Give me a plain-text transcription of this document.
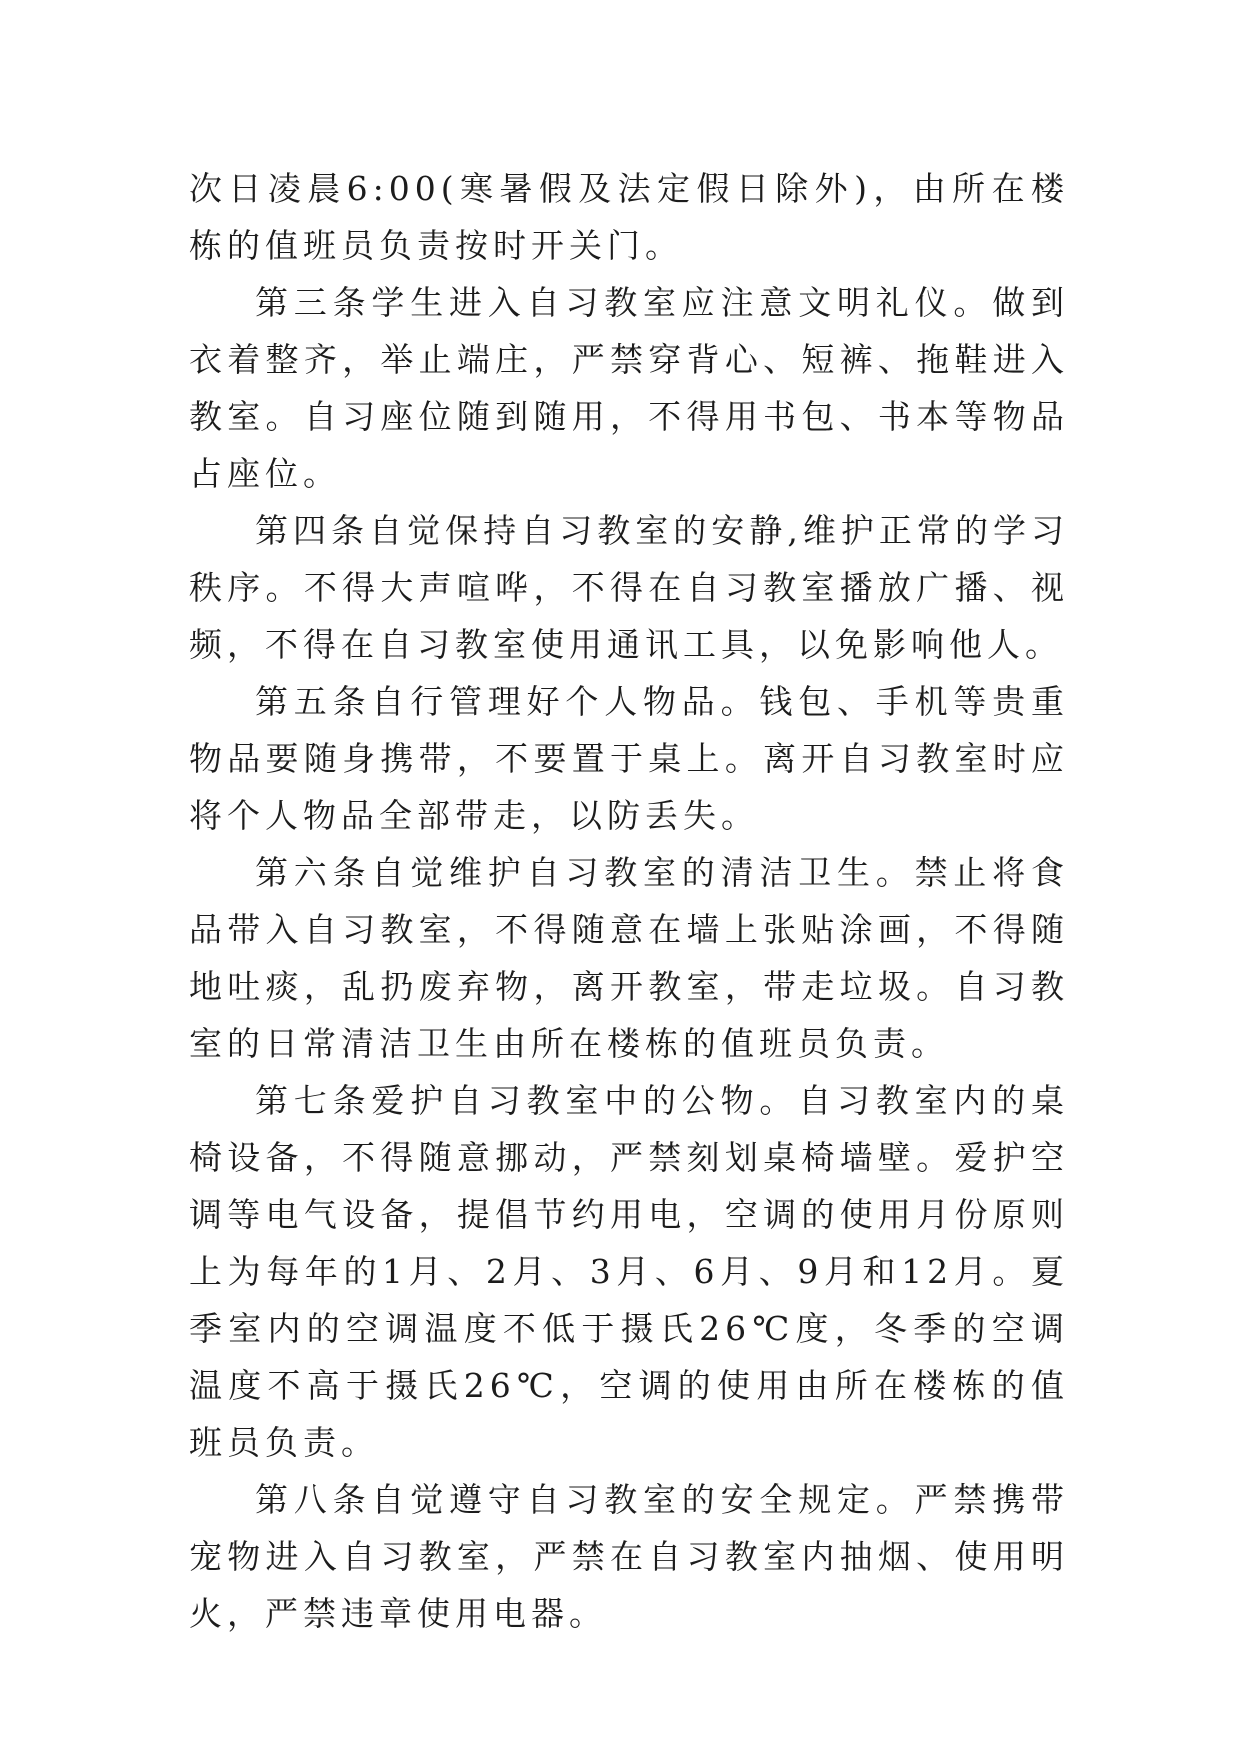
次日凌晨6:00(寒暑假及法定假日除外)，由所在楼栋的值班员负责按时开关门。

第三条学生进入自习教室应注意文明礼仪。做到衣着整齐，举止端庄，严禁穿背心、短裤、拖鞋进入教室。自习座位随到随用，不得用书包、书本等物品占座位。

第四条自觉保持自习教室的安静,维护正常的学习秩序。不得大声喧哗，不得在自习教室播放广播、视频，不得在自习教室使用通讯工具，以免影响他人。

第五条自行管理好个人物品。钱包、手机等贵重物品要随身携带，不要置于桌上。离开自习教室时应将个人物品全部带走，以防丢失。

第六条自觉维护自习教室的清洁卫生。禁止将食品带入自习教室，不得随意在墙上张贴涂画，不得随地吐痰，乱扔废弃物，离开教室，带走垃圾。自习教室的日常清洁卫生由所在楼栋的值班员负责。

第七条爱护自习教室中的公物。自习教室内的桌椅设备，不得随意挪动，严禁刻划桌椅墙壁。爱护空调等电气设备，提倡节约用电，空调的使用月份原则上为每年的1月、2月、3月、6月、9月和12月。夏季室内的空调温度不低于摄氏26℃度，冬季的空调温度不高于摄氏26℃，空调的使用由所在楼栋的值班员负责。

第八条自觉遵守自习教室的安全规定。严禁携带宠物进入自习教室，严禁在自习教室内抽烟、使用明火，严禁违章使用电器。
